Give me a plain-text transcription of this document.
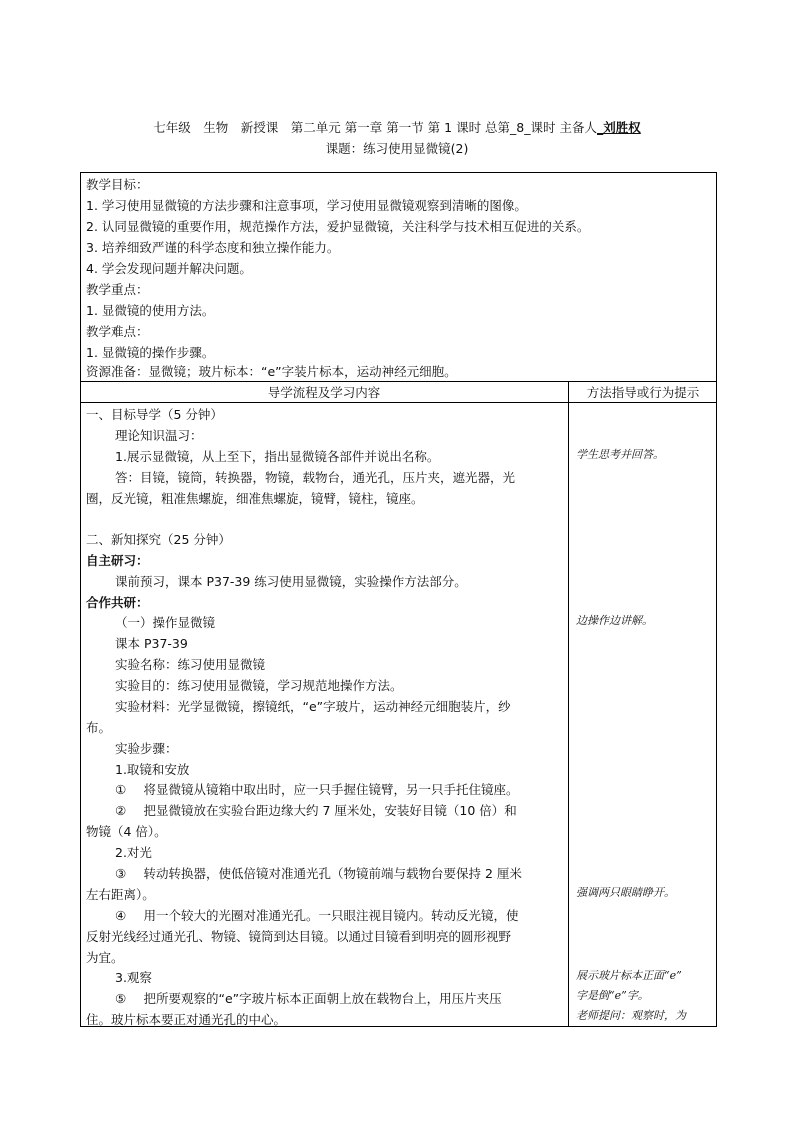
七年级　生物　新授课　第二单元 第一章 第一节 第 1 课时 总第_8_课时 主备人_刘胜权
课题：练习使用显微镜(2)
教学目标：
1. 学习使用显微镜的方法步骤和注意事项，学习使用显微镜观察到清晰的图像。
2. 认同显微镜的重要作用，规范操作方法，爱护显微镜，关注科学与技术相互促进的关系。
3. 培养细致严谨的科学态度和独立操作能力。
4. 学会发现问题并解决问题。
教学重点：
1. 显微镜的使用方法。
教学难点：
1. 显微镜的操作步骤。
资源准备：显微镜；玻片标本：“e”字装片标本，运动神经元细胞。
导学流程及学习内容	方法指导或行为提示
一、目标导学（5 分钟）
理论知识温习：
1.展示显微镜，从上至下，指出显微镜各部件并说出名称。
答：目镜，镜筒，转换器，物镜，载物台，通光孔，压片夹，遮光器，光
圈，反光镜，粗准焦螺旋，细准焦螺旋，镜臂，镜柱，镜座。
二、新知探究（25 分钟）
自主研习：
课前预习，课本 P37-39 练习使用显微镜，实验操作方法部分。
合作共研：
（一）操作显微镜
课本 P37-39
实验名称：练习使用显微镜
实验目的：练习使用显微镜，学习规范地操作方法。
实验材料：光学显微镜，擦镜纸，“e”字玻片，运动神经元细胞装片，纱
布。
实验步骤：
1.取镜和安放
①　 将显微镜从镜箱中取出时，应一只手握住镜臂，另一只手托住镜座。
②　 把显微镜放在实验台距边缘大约 7 厘米处，安装好目镜（10 倍）和
物镜（4 倍）。
2.对光
③　 转动转换器，使低倍镜对准通光孔（物镜前端与载物台要保持 2 厘米
左右距离）。
④　 用一个较大的光圈对准通光孔。一只眼注视目镜内。转动反光镜，使
反射光线经过通光孔、物镜、镜筒到达目镜。以通过目镜看到明亮的圆形视野
为宜。
3.观察
⑤　 把所要观察的“e”字玻片标本正面朝上放在载物台上，用压片夹压
住。玻片标本要正对通光孔的中心。
学生思考并回答。
边操作边讲解。
强调两只眼睛睁开。
展示玻片标本正面“e”
字是倒“e”字。
老师提问：观察时，为
